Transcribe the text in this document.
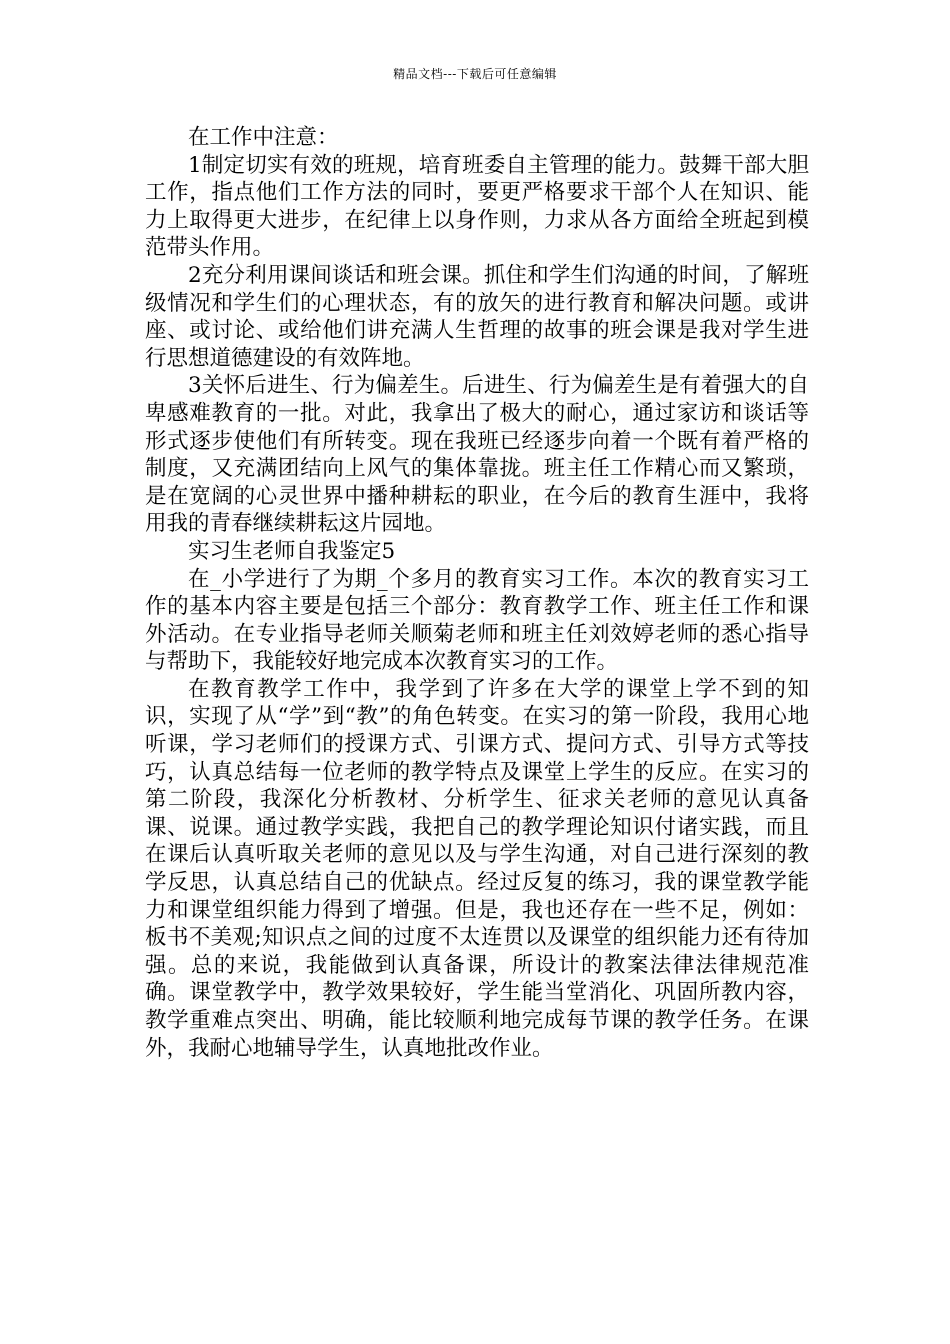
精品文档---下载后可任意编辑

在工作中注意：

1制定切实有效的班规，培育班委自主管理的能力。鼓舞干部大胆工作，指点他们工作方法的同时，要更严格要求干部个人在知识、能力上取得更大进步，在纪律上以身作则，力求从各方面给全班起到模范带头作用。

2充分利用课间谈话和班会课。抓住和学生们沟通的时间，了解班级情况和学生们的心理状态，有的放矢的进行教育和解决问题。或讲座、或讨论、或给他们讲充满人生哲理的故事的班会课是我对学生进行思想道德建设的有效阵地。

3关怀后进生、行为偏差生。后进生、行为偏差生是有着强大的自卑感难教育的一批。对此，我拿出了极大的耐心，通过家访和谈话等形式逐步使他们有所转变。现在我班已经逐步向着一个既有着严格的制度，又充满团结向上风气的集体靠拢。班主任工作精心而又繁琐，是在宽阔的心灵世界中播种耕耘的职业，在今后的教育生涯中，我将用我的青春继续耕耘这片园地。

实习生老师自我鉴定5

在_小学进行了为期_个多月的教育实习工作。本次的教育实习工作的基本内容主要是包括三个部分：教育教学工作、班主任工作和课外活动。在专业指导老师关顺菊老师和班主任刘效婷老师的悉心指导与帮助下，我能较好地完成本次教育实习的工作。

在教育教学工作中，我学到了许多在大学的课堂上学不到的知识，实现了从“学”到“教”的角色转变。在实习的第一阶段，我用心地听课，学习老师们的授课方式、引课方式、提问方式、引导方式等技巧，认真总结每一位老师的教学特点及课堂上学生的反应。在实习的第二阶段，我深化分析教材、分析学生、征求关老师的意见认真备课、说课。通过教学实践，我把自己的教学理论知识付诸实践，而且在课后认真听取关老师的意见以及与学生沟通，对自己进行深刻的教学反思，认真总结自己的优缺点。经过反复的练习，我的课堂教学能力和课堂组织能力得到了增强。但是，我也还存在一些不足，例如：板书不美观;知识点之间的过度不太连贯以及课堂的组织能力还有待加强。总的来说，我能做到认真备课，所设计的教案法律法律规范准确。课堂教学中，教学效果较好，学生能当堂消化、巩固所教内容，教学重难点突出、明确，能比较顺利地完成每节课的教学任务。在课外，我耐心地辅导学生，认真地批改作业。
